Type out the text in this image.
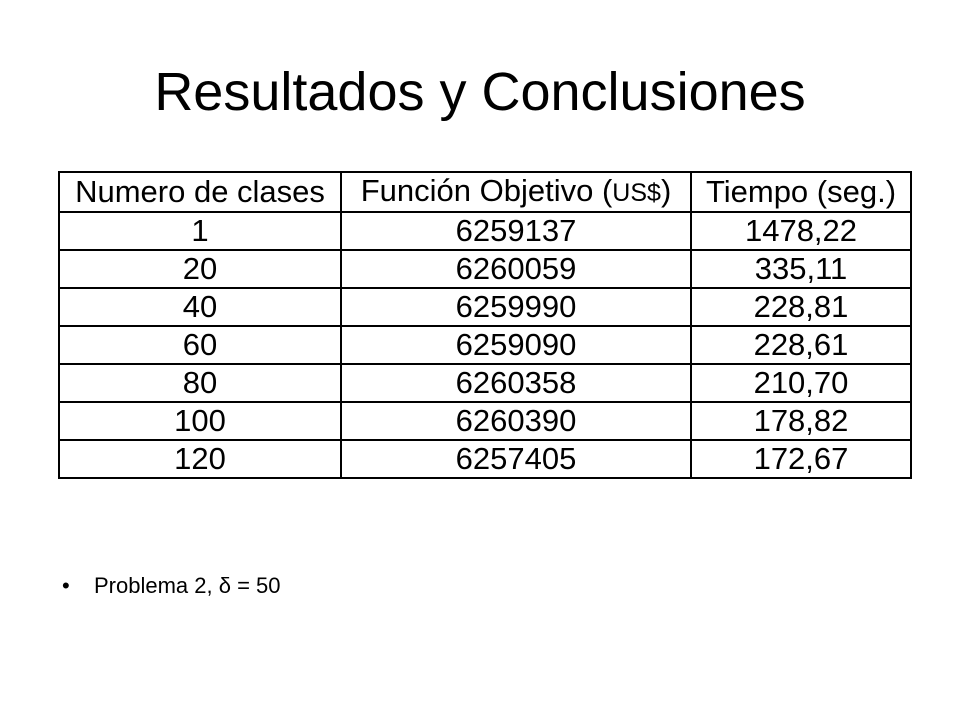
Resultados y Conclusiones
Numero de clases	Función Objetivo (US$)	Tiempo (seg.)
1	6259137	1478,22
20	6260059	335,11
40	6259990	228,81
60	6259090	228,61
80	6260358	210,70
100	6260390	178,82
120	6257405	172,67
• Problema 2, δ = 50
